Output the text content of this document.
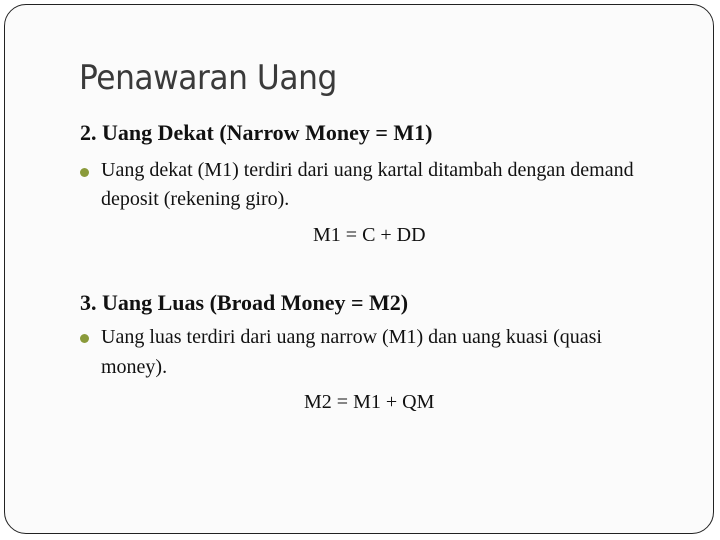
Penawaran Uang
2. Uang Dekat (Narrow Money = M1)
Uang dekat (M1) terdiri dari uang kartal ditambah dengan demand
deposit (rekening giro).
M1 = C + DD
3. Uang Luas (Broad Money = M2)
Uang luas terdiri dari uang narrow (M1) dan uang kuasi (quasi
money).
M2 = M1 + QM
